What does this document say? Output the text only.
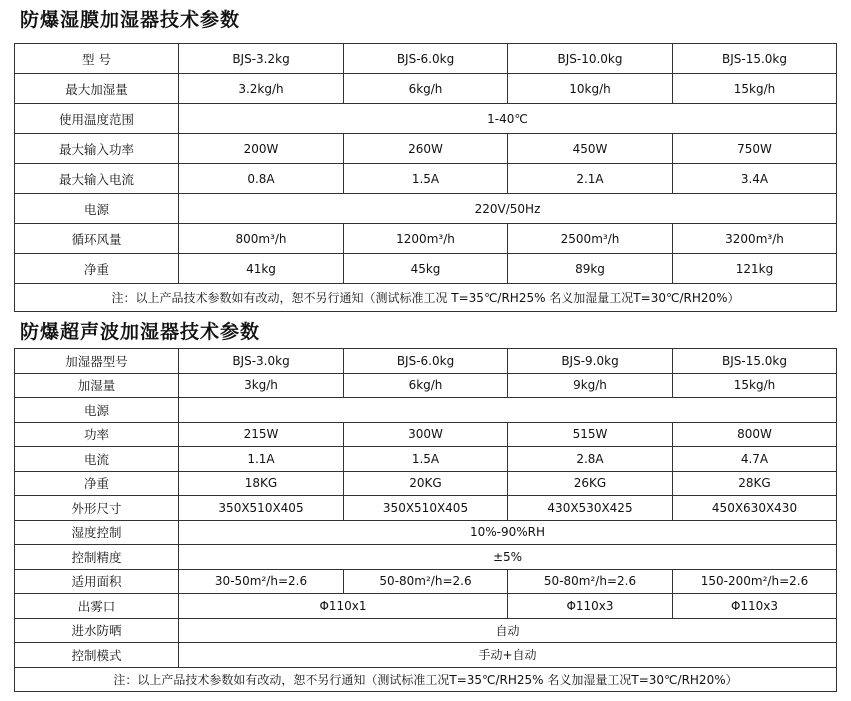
防爆湿膜加湿器技术参数
型 号	BJS-3.2kg	BJS-6.0kg	BJS-10.0kg	BJS-15.0kg
最大加湿量	3.2kg/h	6kg/h	10kg/h	15kg/h
使用温度范围	1-40℃			
最大输入功率	200W	260W	450W	750W
最大输入电流	0.8A	1.5A	2.1A	3.4A
电源	220V/50Hz			
循环风量	800m³/h	1200m³/h	2500m³/h	3200m³/h
净重	41kg	45kg	89kg	121kg
注：以上产品技术参数如有改动，恕不另行通知（测试标准工况 T=35℃/RH25% 名义加湿量工况T=30℃/RH20%）				
防爆超声波加湿器技术参数
加湿器型号	BJS-3.0kg	BJS-6.0kg	BJS-9.0kg	BJS-15.0kg
加湿量	3kg/h	6kg/h	9kg/h	15kg/h
电源				
功率	215W	300W	515W	800W
电流	1.1A	1.5A	2.8A	4.7A
净重	18KG	20KG	26KG	28KG
外形尺寸	350X510X405	350X510X405	430X530X425	450X630X430
湿度控制	10%-90%RH			
控制精度	±5%			
适用面积	30-50m²/h=2.6	50-80m²/h=2.6	50-80m²/h=2.6	150-200m²/h=2.6
出雾口	Φ110x1		Φ110x3	Φ110x3
进水防晒	自动			
控制模式	手动+自动			
注：以上产品技术参数如有改动，恕不另行通知（测试标准工况T=35℃/RH25% 名义加湿量工况T=30℃/RH20%）				
